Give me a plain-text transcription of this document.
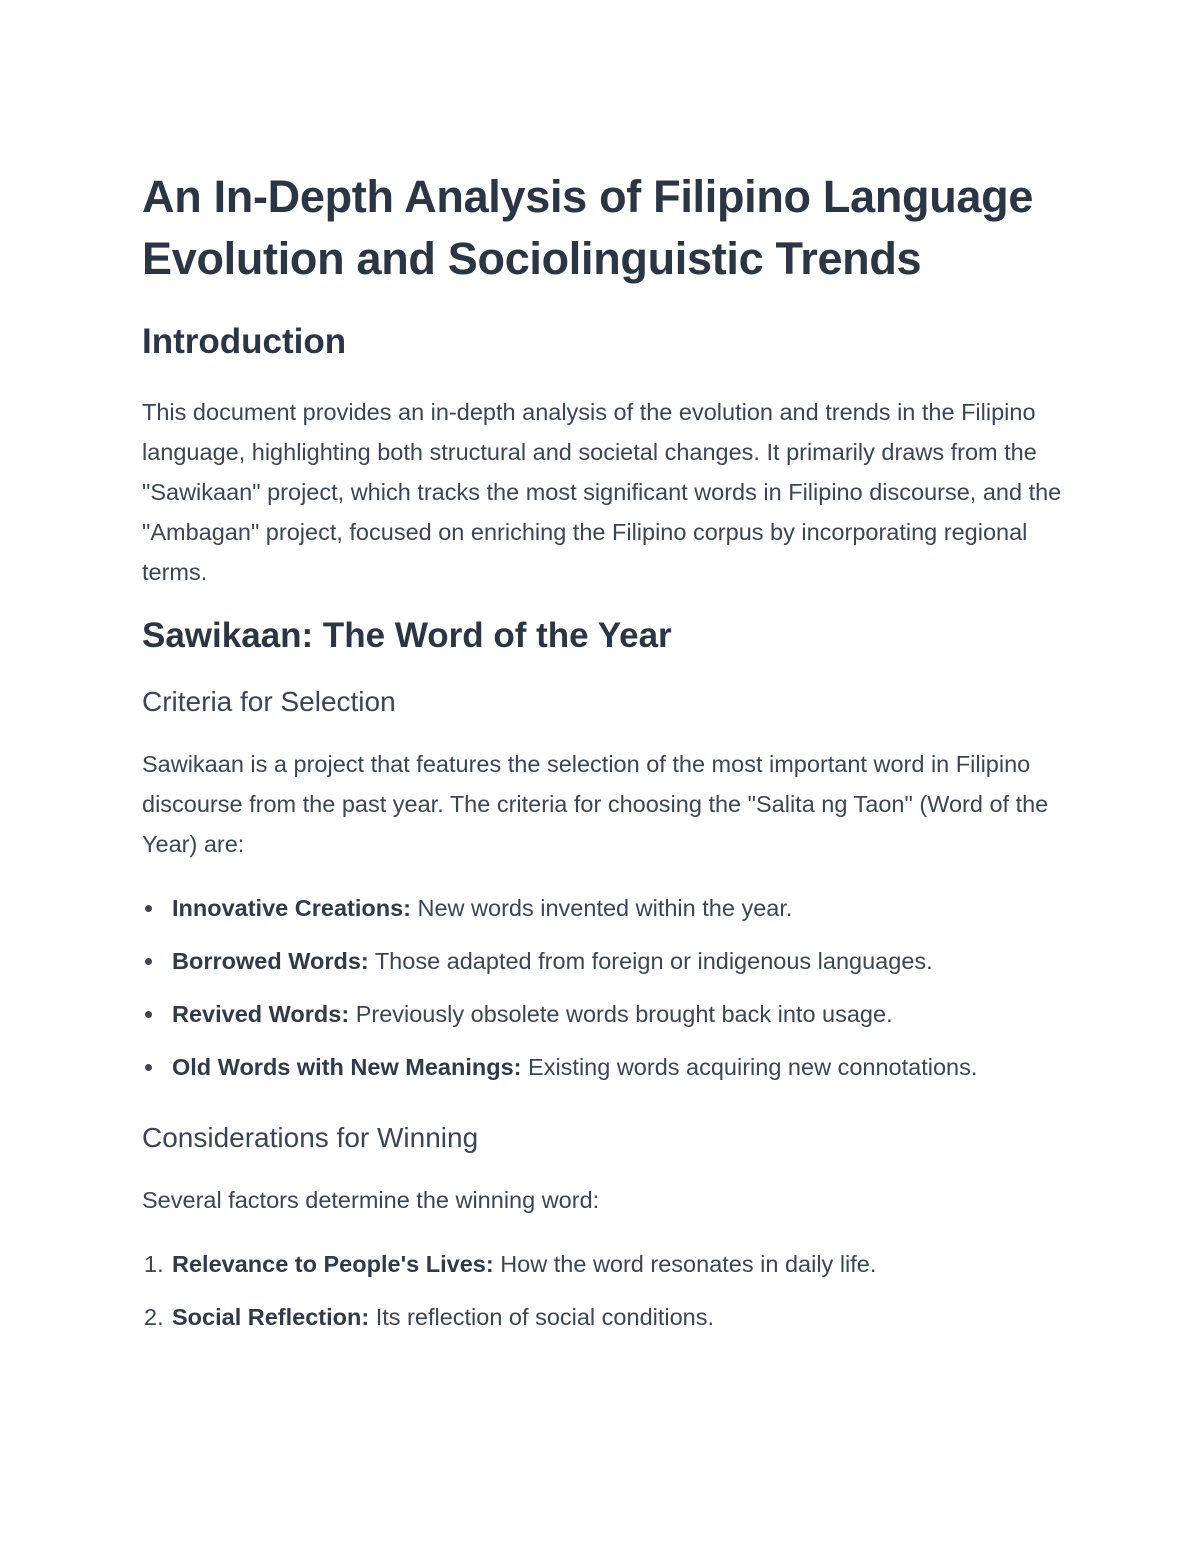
An In-Depth Analysis of Filipino Language Evolution and Sociolinguistic Trends
Introduction

This document provides an in-depth analysis of the evolution and trends in the Filipino language, highlighting both structural and societal changes. It primarily draws from the "Sawikaan" project, which tracks the most significant words in Filipino discourse, and the "Ambagan" project, focused on enriching the Filipino corpus by incorporating regional terms.

Sawikaan: The Word of the Year
Criteria for Selection

Sawikaan is a project that features the selection of the most important word in Filipino discourse from the past year. The criteria for choosing the "Salita ng Taon" (Word of the Year) are:

Innovative Creations: New words invented within the year.
Borrowed Words: Those adapted from foreign or indigenous languages.
Revived Words: Previously obsolete words brought back into usage.
Old Words with New Meanings: Existing words acquiring new connotations.
Considerations for Winning

Several factors determine the winning word:

1. Relevance to People's Lives: How the word resonates in daily life.
2. Social Reflection: Its reflection of social conditions.
